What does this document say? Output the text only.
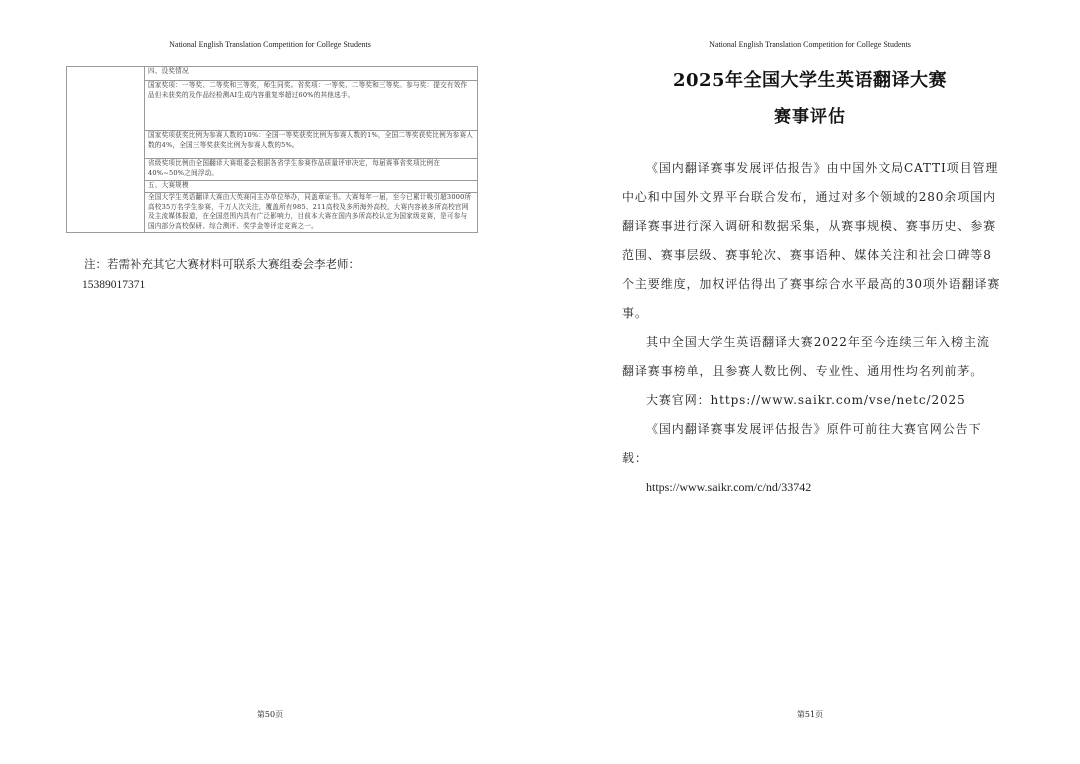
National English Translation Competition for College Students

四、设奖情况

国家奖项：一等奖、二等奖和三等奖，师生同奖。省奖项：一等奖、二等奖和三等奖。参与奖：提交有效作品但未获奖的及作品经检测AI生成内容重复率超过60%的其他选手。

国家奖项获奖比例为参赛人数的10%：全国一等奖获奖比例为参赛人数的1%，全国二等奖获奖比例为参赛人数的4%，全国三等奖获奖比例为参赛人数的5%。

省级奖项比例由全国翻译大赛组委会根据各省学生参赛作品质量评审决定，每届赛事省奖项比例在40%~50%之间浮动。

五、大赛规模

全国大学生英语翻译大赛由大英赛同主办单位举办，同盖章证书。大赛每年一届，至今已累计吸引超3000所高校35万名学生参赛，千万人次关注，覆盖所有985、211高校及多所海外高校，大赛内容被多所高校官网及主流媒体报道，在全国范围内具有广泛影响力，目前本大赛在国内多所高校认定为国家级竞赛，是可参与国内部分高校保研、综合测评、奖学金等评定竞赛之一。

注：若需补充其它大赛材料可联系大赛组委会李老师：
15389017371
第50页
National English Translation Competition for College Students
2025年全国大学生英语翻译大赛
赛事评估
第51页

《国内翻译赛事发展评估报告》由中国外文局CATTI项目管理中心和中国外文界平台联合发布，通过对多个领域的280余项国内翻译赛事进行深入调研和数据采集，从赛事规模、赛事历史、参赛范围、赛事层级、赛事轮次、赛事语种、媒体关注和社会口碑等8个主要维度，加权评估得出了赛事综合水平最高的30项外语翻译赛事。

其中全国大学生英语翻译大赛2022年至今连续三年入榜主流翻译赛事榜单，且参赛人数比例、专业性、通用性均名列前茅。

大赛官网：https://www.saikr.com/vse/netc/2025

《国内翻译赛事发展评估报告》原件可前往大赛官网公告下载：

https://www.saikr.com/c/nd/33742
